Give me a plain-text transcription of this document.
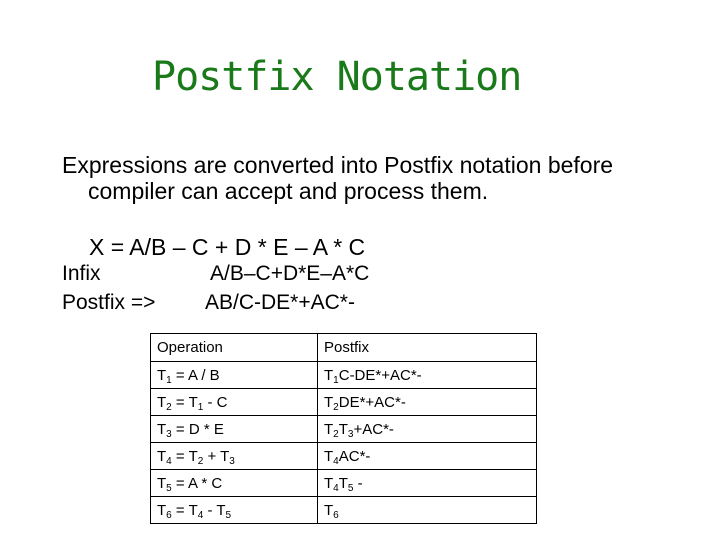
Postfix Notation
Expressions are converted into Postfix notation before
compiler can accept and process them.
X = A/B – C + D * E – A * C
Infix	A/B–C+D*E–A*C
Postfix => AB/C-DE*+AC*-
Operation	Postfix
$T_1 = A / B$	$T_1C-DE*+AC*-$
$T_2 = T_1 - C$	$T_2DE*+AC*-$
$T_3 = D * E$	$T_2T_3+AC*-$
$T_4 = T_2 + T_3$	$T_4AC*-$
$T_5 = A * C$	$T_4T_5$ -
$T_6 = T_4 - T_5$	$T_6$
